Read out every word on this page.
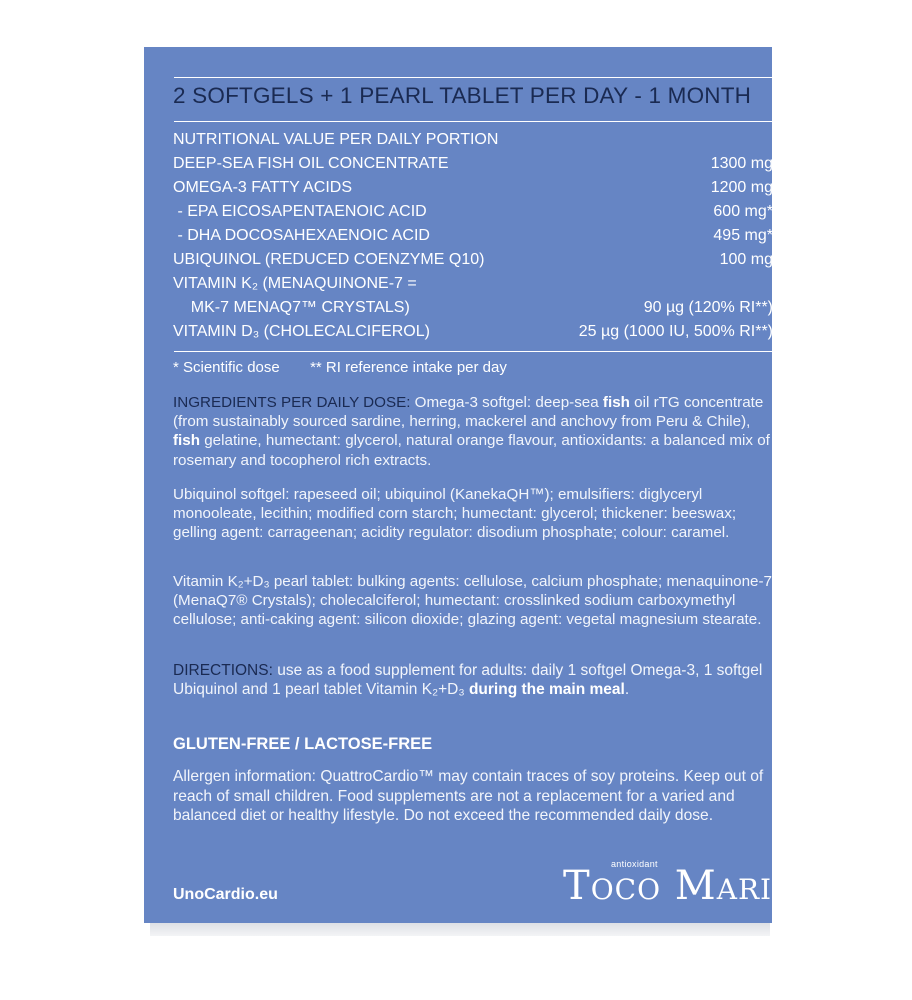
2 SOFTGELS + 1 PEARL TABLET PER DAY - 1 MONTH
NUTRITIONAL VALUE PER DAILY PORTION
DEEP-SEA FISH OIL CONCENTRATE	1300 mg
OMEGA-3 FATTY ACIDS	1200 mg
- EPA EICOSAPENTAENOIC ACID	600 mg*
- DHA DOCOSAHEXAENOIC ACID	495 mg*
UBIQUINOL (REDUCED COENZYME Q10)	100 mg
VITAMIN K₂ (MENAQUINONE-7 =
MK-7 MENAQ7™ CRYSTALS)	90 µg (120% RI**)
VITAMIN D₃ (CHOLECALCIFEROL)	25 µg (1000 IU, 500% RI**)
* Scientific dose ** RI reference intake per day
INGREDIENTS PER DAILY DOSE: Omega-3 softgel: deep-sea fish oil rTG concentrate (from sustainably sourced sardine, herring, mackerel and anchovy from Peru & Chile), fish gelatine, humectant: glycerol, natural orange flavour, antioxidants: a balanced mix of rosemary and tocopherol rich extracts.
Ubiquinol softgel: rapeseed oil; ubiquinol (KanekaQH™); emulsifiers: diglyceryl monooleate, lecithin; modified corn starch; humectant: glycerol; thickener: beeswax; gelling agent: carrageenan; acidity regulator: disodium phosphate; colour: caramel.
Vitamin K₂+D₃ pearl tablet: bulking agents: cellulose, calcium phosphate; menaquinone-7 (MenaQ7® Crystals); cholecalciferol; humectant: crosslinked sodium carboxymethyl cellulose; anti-caking agent: silicon dioxide; glazing agent: vegetal magnesium stearate.
DIRECTIONS: use as a food supplement for adults: daily 1 softgel Omega-3, 1 softgel Ubiquinol and 1 pearl tablet Vitamin K₂+D₃ during the main meal.
GLUTEN-FREE / LACTOSE-FREE
Allergen information: QuattroCardio™ may contain traces of soy proteins. Keep out of reach of small children. Food supplements are not a replacement for a varied and balanced diet or healthy lifestyle. Do not exceed the recommended daily dose.
UnoCardio.eu
antioxidant
TOCO MARIN
